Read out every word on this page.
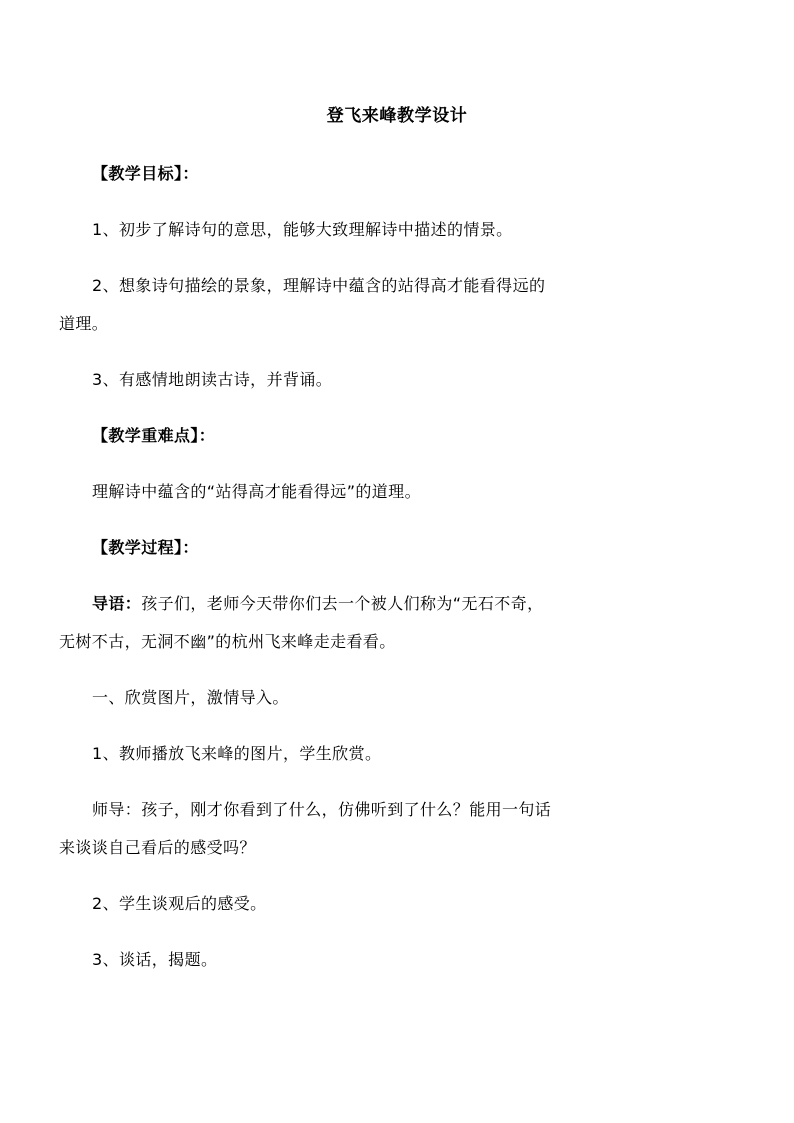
登飞来峰教学设计
【教学目标】：
1、初步了解诗句的意思，能够大致理解诗中描述的情景。
2、想象诗句描绘的景象，理解诗中蕴含的站得高才能看得远的
道理。
3、有感情地朗读古诗，并背诵。
【教学重难点】：
理解诗中蕴含的“站得高才能看得远”的道理。
【教学过程】：
导语：孩子们，老师今天带你们去一个被人们称为“无石不奇，
无树不古，无洞不幽”的杭州飞来峰走走看看。
一、欣赏图片，激情导入。
1、教师播放飞来峰的图片，学生欣赏。
师导：孩子，刚才你看到了什么，仿佛听到了什么？能用一句话
来谈谈自己看后的感受吗？
2、学生谈观后的感受。
3、谈话，揭题。
